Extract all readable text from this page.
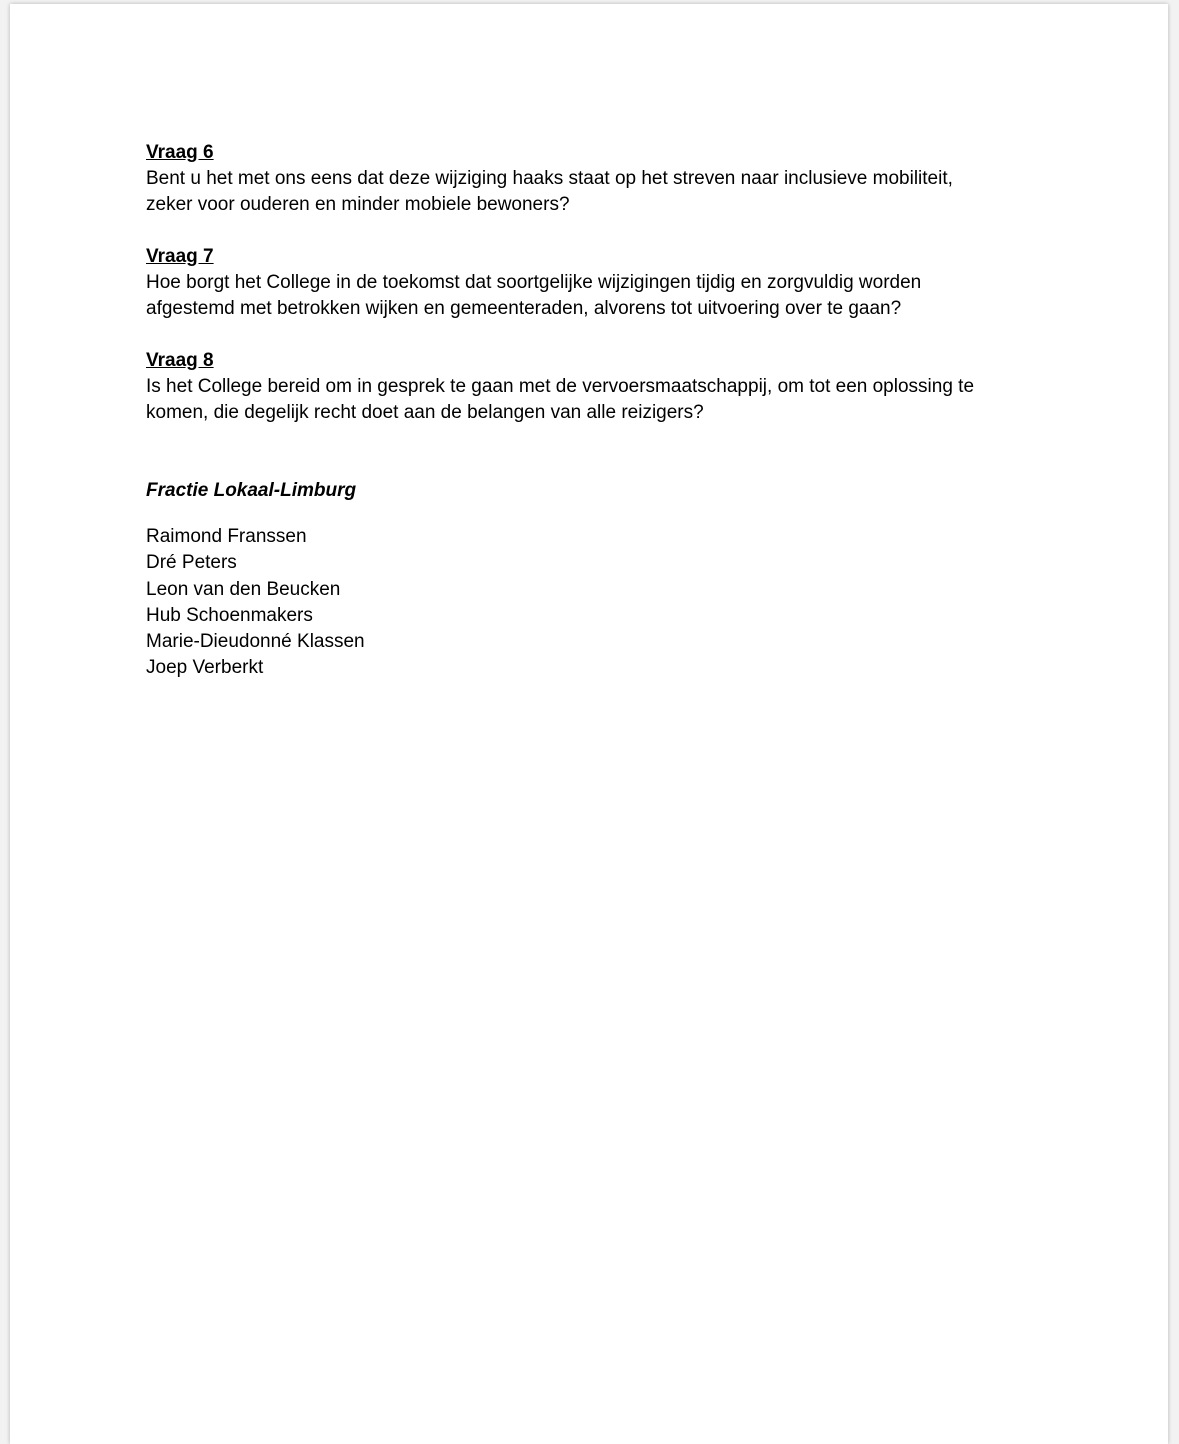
Vraag 6
Bent u het met ons eens dat deze wijziging haaks staat op het streven naar inclusieve mobiliteit,
zeker voor ouderen en minder mobiele bewoners?
Vraag 7
Hoe borgt het College in de toekomst dat soortgelijke wijzigingen tijdig en zorgvuldig worden
afgestemd met betrokken wijken en gemeenteraden, alvorens tot uitvoering over te gaan?
Vraag 8
Is het College bereid om in gesprek te gaan met de vervoersmaatschappij, om tot een oplossing te
komen, die degelijk recht doet aan de belangen van alle reizigers?
Fractie Lokaal-Limburg
Raimond Franssen
Dré Peters
Leon van den Beucken
Hub Schoenmakers
Marie-Dieudonné Klassen
Joep Verberkt
